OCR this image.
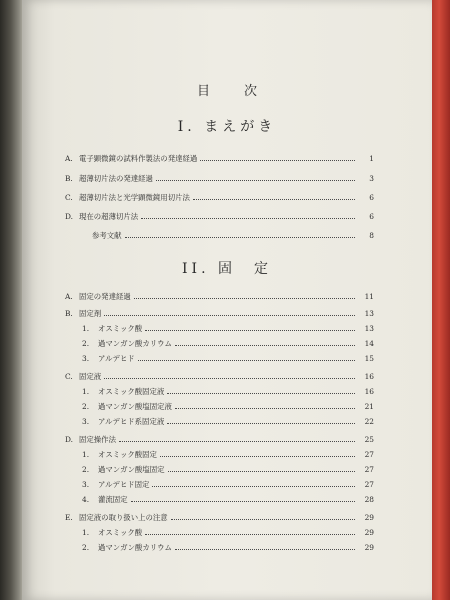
目次
I. まえがき
A. 電子顕微鏡の試料作製法の発達経過	1
B. 超薄切片法の発達経過	3
C. 超薄切片法と光学顕微鏡用切片法	6
D. 現在の超薄切片法	6
参考文献	8
II. 固　定
A. 固定の発達経過	11
B. 固定剤	13
1.	オスミック酸	13
2.	過マンガン酸カリウム	14
3.	アルデヒド	15
C. 固定液	16
1.	オスミック酸固定液	16
2.	過マンガン酸塩固定液	21
3.	アルデヒド系固定液	22
D. 固定操作法	25
1.	オスミック酸固定	27
2.	過マンガン酸塩固定	27
3.	アルデヒド固定	27
4.	灌流固定	28
E. 固定液の取り扱い上の注意	29
1.	オスミック酸	29
2.	過マンガン酸カリウム	29
